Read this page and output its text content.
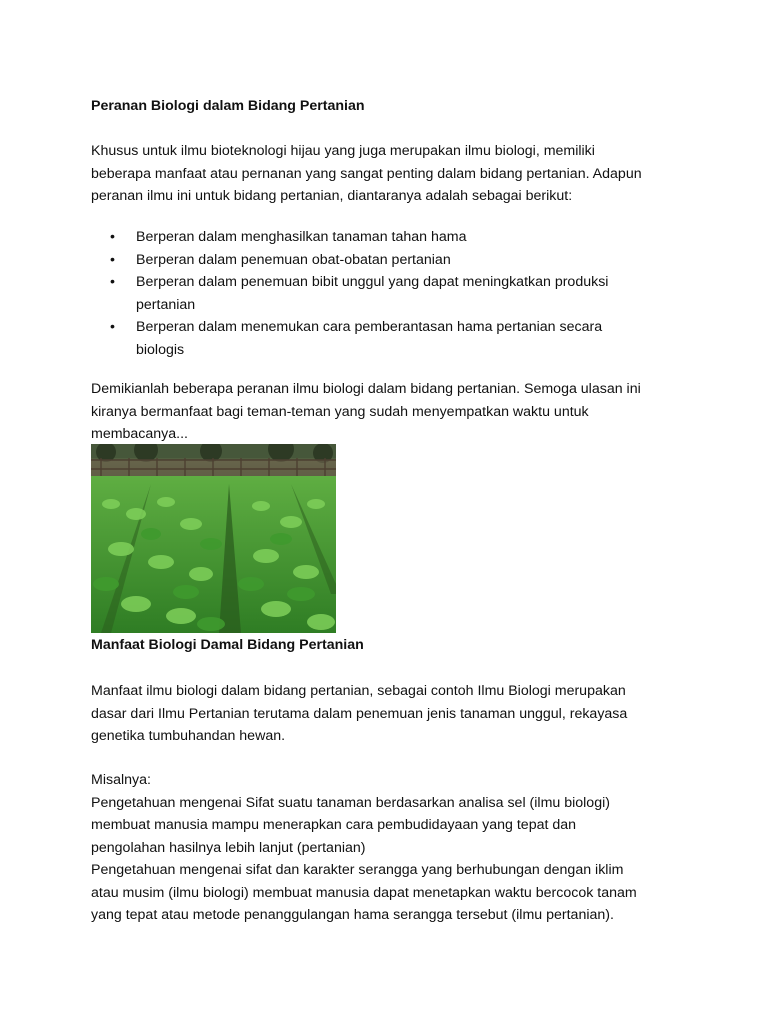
Peranan Biologi dalam Bidang Pertanian
Khusus untuk ilmu bioteknologi hijau yang juga merupakan ilmu biologi, memiliki
beberapa manfaat atau pernanan yang sangat penting dalam bidang pertanian. Adapun
peranan ilmu ini untuk bidang pertanian, diantaranya adalah sebagai berikut:
• Berperan dalam menghasilkan tanaman tahan hama
• Berperan dalam penemuan obat-obatan pertanian
• Berperan dalam penemuan bibit unggul yang dapat meningkatkan produksi
pertanian
• Berperan dalam menemukan cara pemberantasan hama pertanian secara
biologis
Demikianlah beberapa peranan ilmu biologi dalam bidang pertanian. Semoga ulasan ini
kiranya bermanfaat bagi teman-teman yang sudah menyempatkan waktu untuk
membacanya...
Manfaat Biologi Damal Bidang Pertanian
Manfaat ilmu biologi dalam bidang pertanian, sebagai contoh Ilmu Biologi merupakan
dasar dari Ilmu Pertanian terutama dalam penemuan jenis tanaman unggul, rekayasa
genetika tumbuhandan hewan.
Misalnya:
Pengetahuan mengenai Sifat suatu tanaman berdasarkan analisa sel (ilmu biologi)
membuat manusia mampu menerapkan cara pembudidayaan yang tepat dan
pengolahan hasilnya lebih lanjut (pertanian)
Pengetahuan mengenai sifat dan karakter serangga yang berhubungan dengan iklim
atau musim (ilmu biologi) membuat manusia dapat menetapkan waktu bercocok tanam
yang tepat atau metode penanggulangan hama serangga tersebut (ilmu pertanian).
